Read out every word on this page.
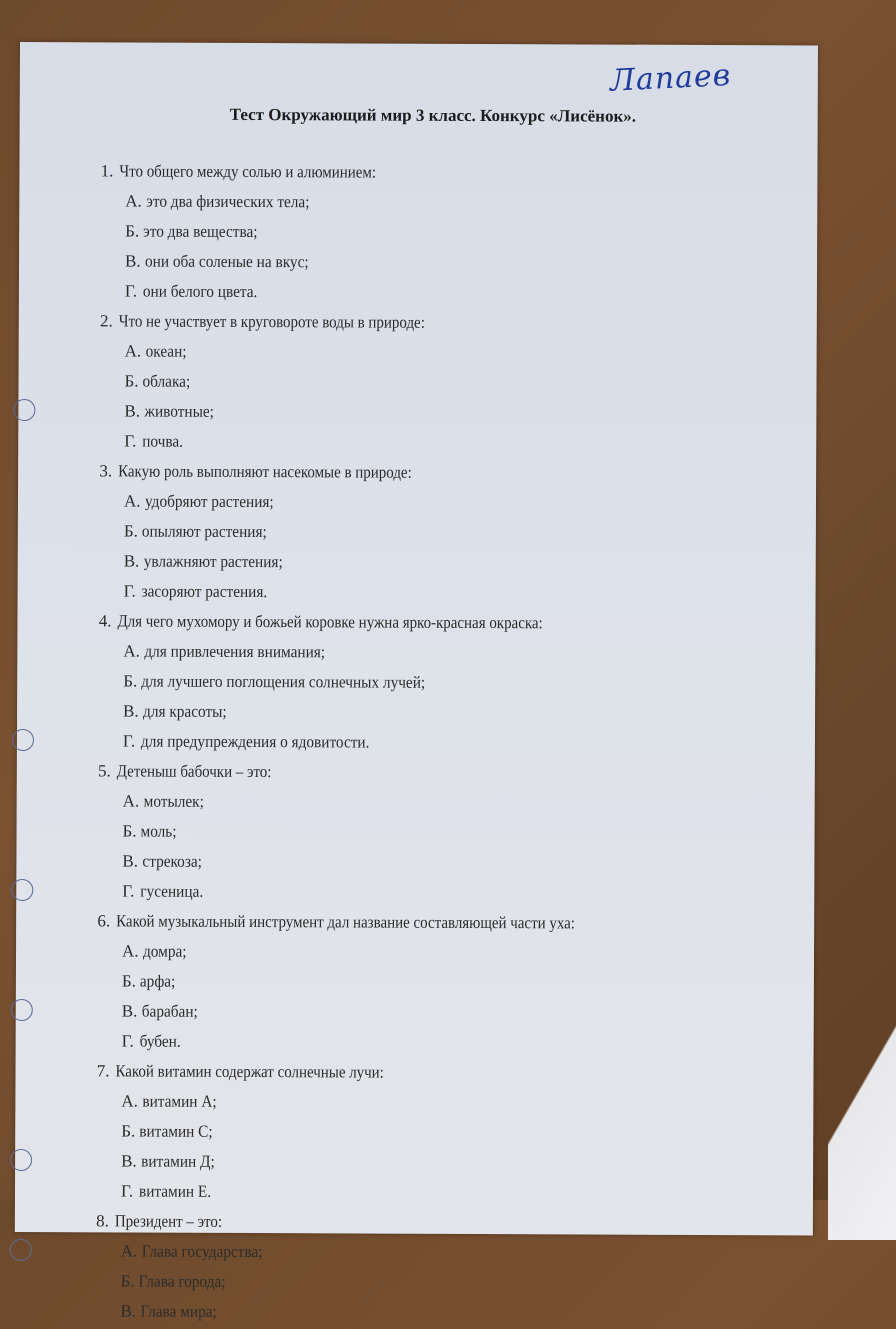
Лапаев
Тест Окружающий мир 3 класс. Конкурс «Лисёнок».
1. Что общего между солью и алюминием:
А. это два физических тела;
Б. это два вещества;
В. они оба соленые на вкус;
Г. они белого цвета.
2. Что не участвует в круговороте воды в природе:
А. океан;
Б. облака;
В. животные;
Г. почва.
3. Какую роль выполняют насекомые в природе:
А. удобряют растения;
Б. опыляют растения;
В. увлажняют растения;
Г. засоряют растения.
4. Для чего мухомору и божьей коровке нужна ярко-красная окраска:
А. для привлечения внимания;
Б. для лучшего поглощения солнечных лучей;
В. для красоты;
Г. для предупреждения о ядовитости.
5. Детеныш бабочки – это:
А. мотылек;
Б. моль;
В. стрекоза;
Г. гусеница.
6. Какой музыкальный инструмент дал название составляющей части уха:
А. домра;
Б. арфа;
В. барабан;
Г. бубен.
7. Какой витамин содержат солнечные лучи:
А. витамин А;
Б. витамин С;
В. витамин Д;
Г. витамин Е.
8. Президент – это:
А. Глава государства;
Б. Глава города;
В. Глава мира;
